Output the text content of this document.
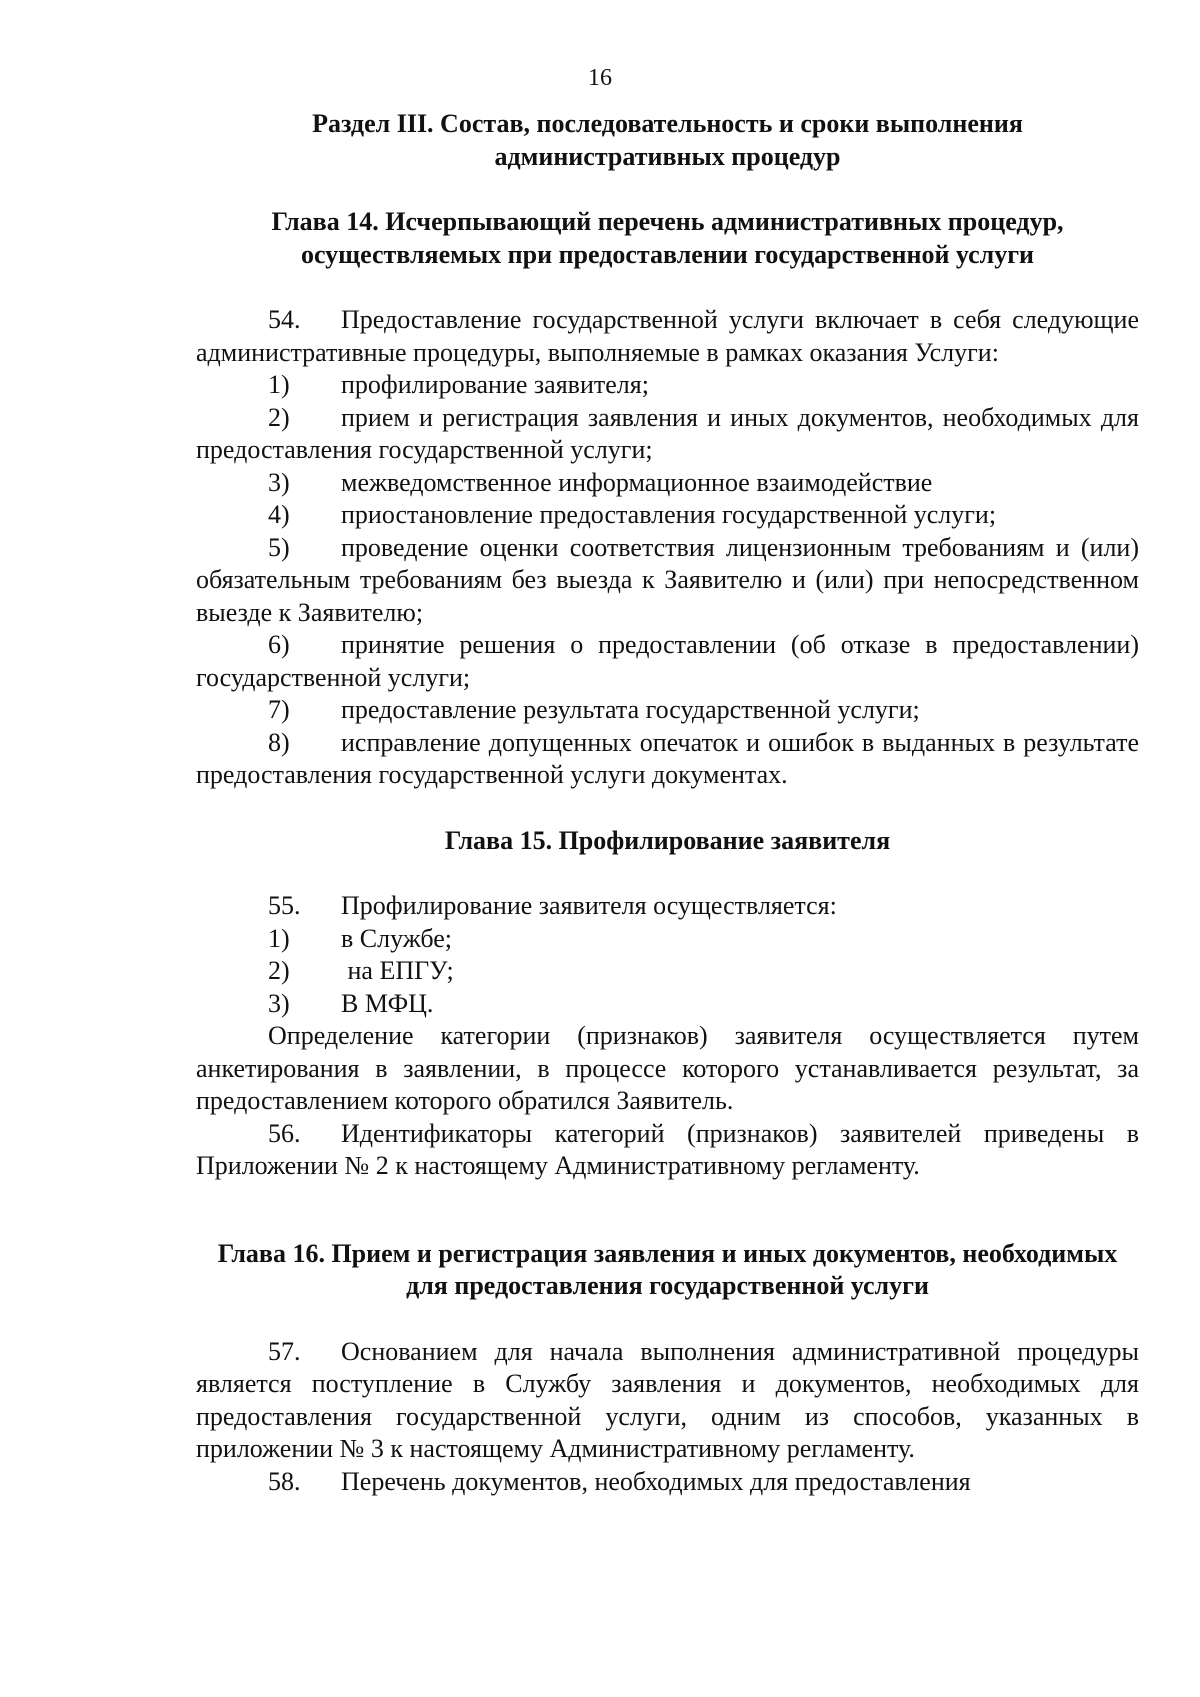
16

Раздел III. Состав, последовательность и сроки выполнения административных процедур

Глава 14. Исчерпывающий перечень административных процедур, осуществляемых при предоставлении государственной услуги

54. Предоставление государственной услуги включает в себя следующие административные процедуры, выполняемые в рамках оказания Услуги:

1) профилирование заявителя;

2) прием и регистрация заявления и иных документов, необходимых для предоставления государственной услуги;

3) межведомственное информационное взаимодействие

4) приостановление предоставления государственной услуги;

5) проведение оценки соответствия лицензионным требованиям и (или) обязательным требованиям без выезда к Заявителю и (или) при непосредственном выезде к Заявителю;

6) принятие решения о предоставлении (об отказе в предоставлении) государственной услуги;

7) предоставление результата государственной услуги;

8) исправление допущенных опечаток и ошибок в выданных в результате предоставления государственной услуги документах.

Глава 15. Профилирование заявителя

55. Профилирование заявителя осуществляется:

1) в Службе;

2) на ЕПГУ;

3) В МФЦ.

Определение категории (признаков) заявителя осуществляется путем анкетирования в заявлении, в процессе которого устанавливается результат, за предоставлением которого обратился Заявитель.

56. Идентификаторы категорий (признаков) заявителей приведены в Приложении № 2 к настоящему Административному регламенту.

Глава 16. Прием и регистрация заявления и иных документов, необходимых для предоставления государственной услуги

57. Основанием для начала выполнения административной процедуры является поступление в Службу заявления и документов, необходимых для предоставления государственной услуги, одним из способов, указанных в приложении № 3 к настоящему Административному регламенту.

58. Перечень документов, необходимых для предоставления
